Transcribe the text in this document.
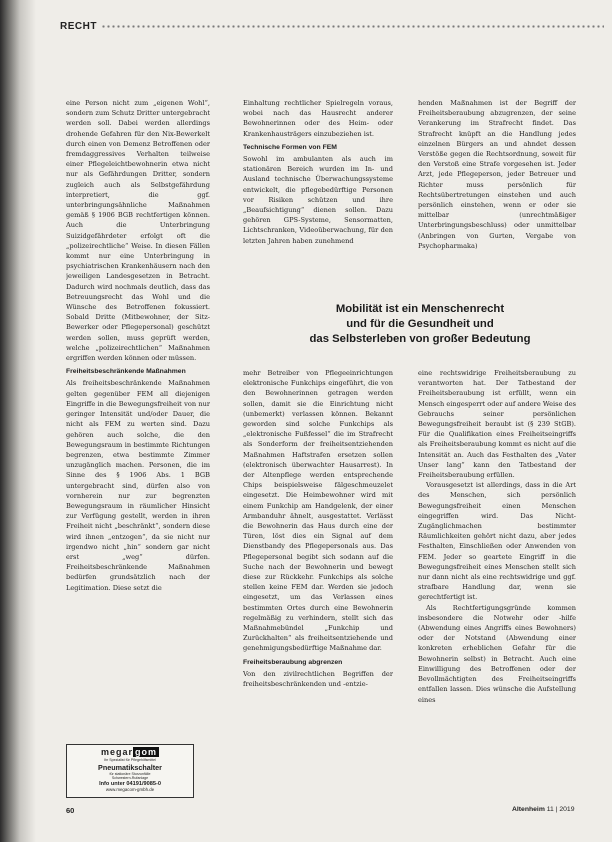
RECHT

eine Person nicht zum „eigenen Wohl“, sondern zum Schutz Dritter untergebracht werden soll. Dabei werden allerdings drohende Gefahren für den Nix-Bewerkelt durch einen von Demenz Betroffenen oder fremdaggressives Verhalten teilweise einer Pflegeleichtbewohnerin etwa nicht nur als Gefährdungen Dritter, sondern zugleich auch als Selbstgefährdung interpretiert, die ggf. unterbringungsähnliche Maßnahmen gemäß § 1906 BGB rechtfertigen können. Auch die Unterbringung Suizidgefährdeter erfolgt oft die „polizeirechtliche“ Weise. In diesen Fällen kommt nur eine Unterbringung in psychiatrischen Krankenhäusern nach den jeweiligen Landesgesetzen in Betracht. Dadurch wird nochmals deutlich, dass das Betreuungsrecht das Wohl und die Wünsche des Betroffenen fokussiert. Sobald Dritte (Mitbewohner, der Sitz-Bewerker oder Pflegepersonal) geschützt werden sollen, muss geprüft werden, welche „polizeirechtlichen“ Maßnahmen ergriffen werden können oder müssen.

Freiheitsbeschränkende Maßnahmen

Als freiheitsbeschränkende Maßnahmen gelten gegenüber FEM all diejenigen Eingriffe in die Bewegungsfreiheit von nur geringer Intensität und/oder Dauer, die nicht als FEM zu werten sind. Dazu gehören auch solche, die den Bewegungsraum in bestimmte Richtungen begrenzen, etwa bestimmte Zimmer unzugänglich machen. Personen, die im Sinne des § 1906 Abs. 1 BGB untergebracht sind, dürfen also von vornherein nur zur begrenzten Bewegungsraum in räumlicher Hinsicht zur Verfügung gestellt, werden in ihren Freiheit nicht „beschränkt“, sondern diese wird ihnen „entzogen“, da sie nicht nur irgendwo nicht „hin“ sondern gar nicht erst „weg“ dürfen. Freiheitsbeschränkende Maßnahmen bedürfen grundsätzlich nach der Legitimation. Diese setzt die

Einhaltung rechtlicher Spielregeln voraus, wobei nach das Hausrecht anderer Bewohnerinnen oder des Heim- oder Krankenhausträgers einzubeziehen ist.

Technische Formen von FEM

Sowohl im ambulanten als auch im stationären Bereich wurden im In- und Ausland technische Überwachungssysteme entwickelt, die pflegebedürftige Personen vor Risiken schützen und ihre „Beaufsichtigung“ dienen sollen. Dazu gehören GPS-Systeme, Sensormatten, Lichtschranken, Videoüberwachung, für den letzten Jahren haben zunehmend

henden Maßnahmen ist der Begriff der Freiheitsberaubung abzugrenzen, der seine Verankerung im Strafrecht findet. Das Strafrecht knüpft an die Handlung jedes einzelnen Bürgers an und ahndet dessen Verstöße gegen die Rechtsordnung, soweit für den Verstoß eine Strafe vorgesehen ist. Jeder Arzt, jede Pflegeperson, jeder Betreuer und Richter muss persönlich für Rechtsübertretungen einstehen und auch persönlich einstehen, wenn er oder sie mittelbar (unrechtmäßiger Unterbringungsbeschluss) oder unmittelbar (Anbringen von Gurten, Vergabe von Psychopharmaka)

Mobilität ist ein Menschenrecht
und für die Gesundheit und
das Selbsterleben von großer Bedeutung

mehr Betreiber von Pflegeeinrichtungen elektronische Funkchips eingeführt, die von den Bewohnerinnen getragen werden sollen, damit sie die Einrichtung nicht (unbemerkt) verlassen können. Bekannt geworden sind solche Funkchips als „elektronische Fußfessel“ die im Strafrecht als Sonderform der freiheitsentziehenden Maßnahmen Haftstrafen ersetzen sollen (elektronisch überwachter Hausarrest). In der Altenpflege werden entsprechende Chips beispielsweise fälgeschmeuzelet eingesetzt. Die Heimbewohner wird mit einem Funkchip am Handgelenk, der einer Armbanduhr ähnelt, ausgestattet. Verlässt die Bewohnerin das Haus durch eine der Türen, löst dies ein Signal auf dem Dienstbandy des Pflegepersonals aus. Das Pflegepersonal begibt sich sodann auf die Suche nach der Bewohnerin und bewegt diese zur Rückkehr. Funkchips als solche stellen keine FEM dar. Werden sie jedoch eingesetzt, um das Verlassen eines bestimmten Ortes durch eine Bewohnerin regelmäßig zu verhindern, stellt sich das Maßnahmebündel „Funkchip und Zurückhalten“ als freiheitsentziehende und genehmigungsbedürftige Maßnahme dar.

Freiheitsberaubung abgrenzen

Von den zivilrechtlichen Begriffen der freiheitsbeschränkenden und -entzie-

eine rechtswidrige Freiheitsberaubung zu verantworten hat. Der Tatbestand der Freiheitsberaubung ist erfüllt, wenn ein Mensch eingesperrt oder auf andere Weise des Gebrauchs seiner persönlichen Bewegungsfreiheit beraubt ist (§ 239 StGB). Für die Qualifikation eines Freiheitseingriffs als Freiheitsberaubung kommt es nicht auf die Intensität an. Auch das Festhalten des „Vater Unser lang“ kann den Tatbestand der Freiheitsberaubung erfüllen.

Vorausgesetzt ist allerdings, dass in die Art des Menschen, sich persönlich Bewegungsfreiheit einen Menschen eingegriffen wird. Das Nicht-Zugänglichmachen bestimmter Räumlichkeiten gehört nicht dazu, aber jedes Festhalten, Einschließen oder Anwenden von FEM. Jeder so geartete Eingriff in die Bewegungsfreiheit eines Menschen stellt sich nur dann nicht als eine rechtswidrige und ggf. strafbare Handlung dar, wenn sie gerechtfertigt ist.

Als Rechtfertigungsgründe kommen insbesondere die Notwehr oder -hilfe (Abwendung eines Angriffs eines Bewohners) oder der Notstand (Abwendung einer konkreten erheblichen Gefahr für die Bewohnerin selbst) in Betracht. Auch eine Einwilligung des Betroffenen oder der Bevollmächtigten des Freiheitseingriffs entfallen lassen. Dies wünsche die Aufstellung eines

megar gom
Ihr Spezialist für Pflegehilfsmittel
Pneumatikschalter
für stationäre Sturzunfälle
Schwestern-Rufanlage
Info unter 04191/9085-0
www.megacom-gmbh.de
60	Altenheim 11 | 2019
